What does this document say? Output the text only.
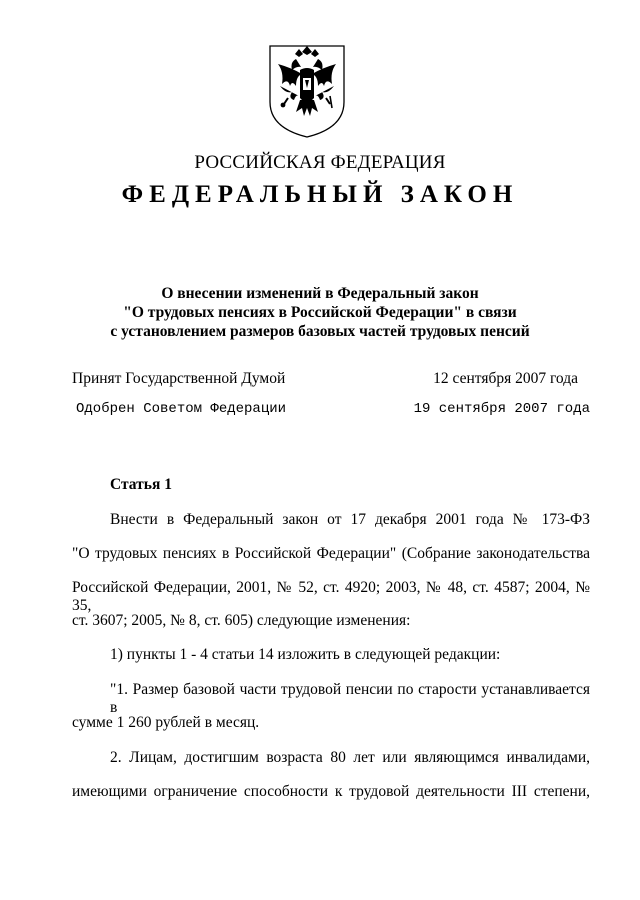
РОССИЙСКАЯ ФЕДЕРАЦИЯ
ФЕДЕРАЛЬНЫЙ ЗАКОН
О внесении изменений в Федеральный закон
"О трудовых пенсиях в Российской Федерации" в связи
с установлением размеров базовых частей трудовых пенсий
Принят Государственной Думой	12 сентября 2007 года
Одобрен Советом Федерации	19 сентября 2007 года
Статья 1
Внести в Федеральный закон от 17 декабря 2001 года № 173-ФЗ
"О трудовых пенсиях в Российской Федерации" (Собрание законодательства
Российской Федерации, 2001, № 52, ст. 4920; 2003, № 48, ст. 4587; 2004, № 35,
ст. 3607; 2005, № 8, ст. 605) следующие изменения:
1) пункты 1 - 4 статьи 14 изложить в следующей редакции:
"1. Размер базовой части трудовой пенсии по старости устанавливается в
сумме 1 260 рублей в месяц.
2. Лицам, достигшим возраста 80 лет или являющимся инвалидами,
имеющими ограничение способности к трудовой деятельности III степени,
